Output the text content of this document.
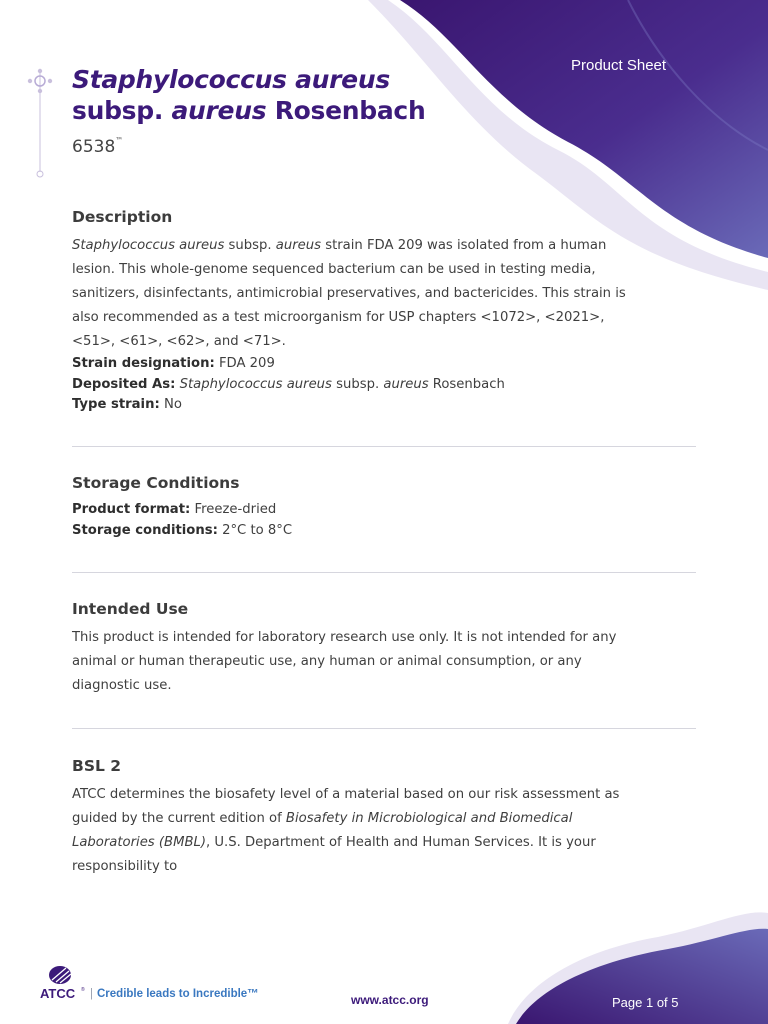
Product Sheet
Staphylococcus aureus
subsp. aureus Rosenbach
6538™
Description

Staphylococcus aureus subsp. aureus strain FDA 209 was isolated from a human lesion. This whole-genome sequenced bacterium can be used in testing media, sanitizers, disinfectants, antimicrobial preservatives, and bactericides. This strain is also recommended as a test microorganism for USP chapters <1072>, <2021>, <51>, <61>, <62>, and <71>.

Strain designation: FDA 209
Deposited As: Staphylococcus aureus subsp. aureus Rosenbach
Type strain: No
Storage Conditions
Product format: Freeze-dried
Storage conditions: 2°C to 8°C
Intended Use

This product is intended for laboratory research use only. It is not intended for any animal or human therapeutic use, any human or animal consumption, or any diagnostic use.

BSL 2

ATCC determines the biosafety level of a material based on our risk assessment as guided by the current edition of Biosafety in Microbiological and Biomedical Laboratories (BMBL), U.S. Department of Health and Human Services. It is your responsibility to

ATCC ® | Credible leads to Incredible™	www.atcc.org	Page 1 of 5
